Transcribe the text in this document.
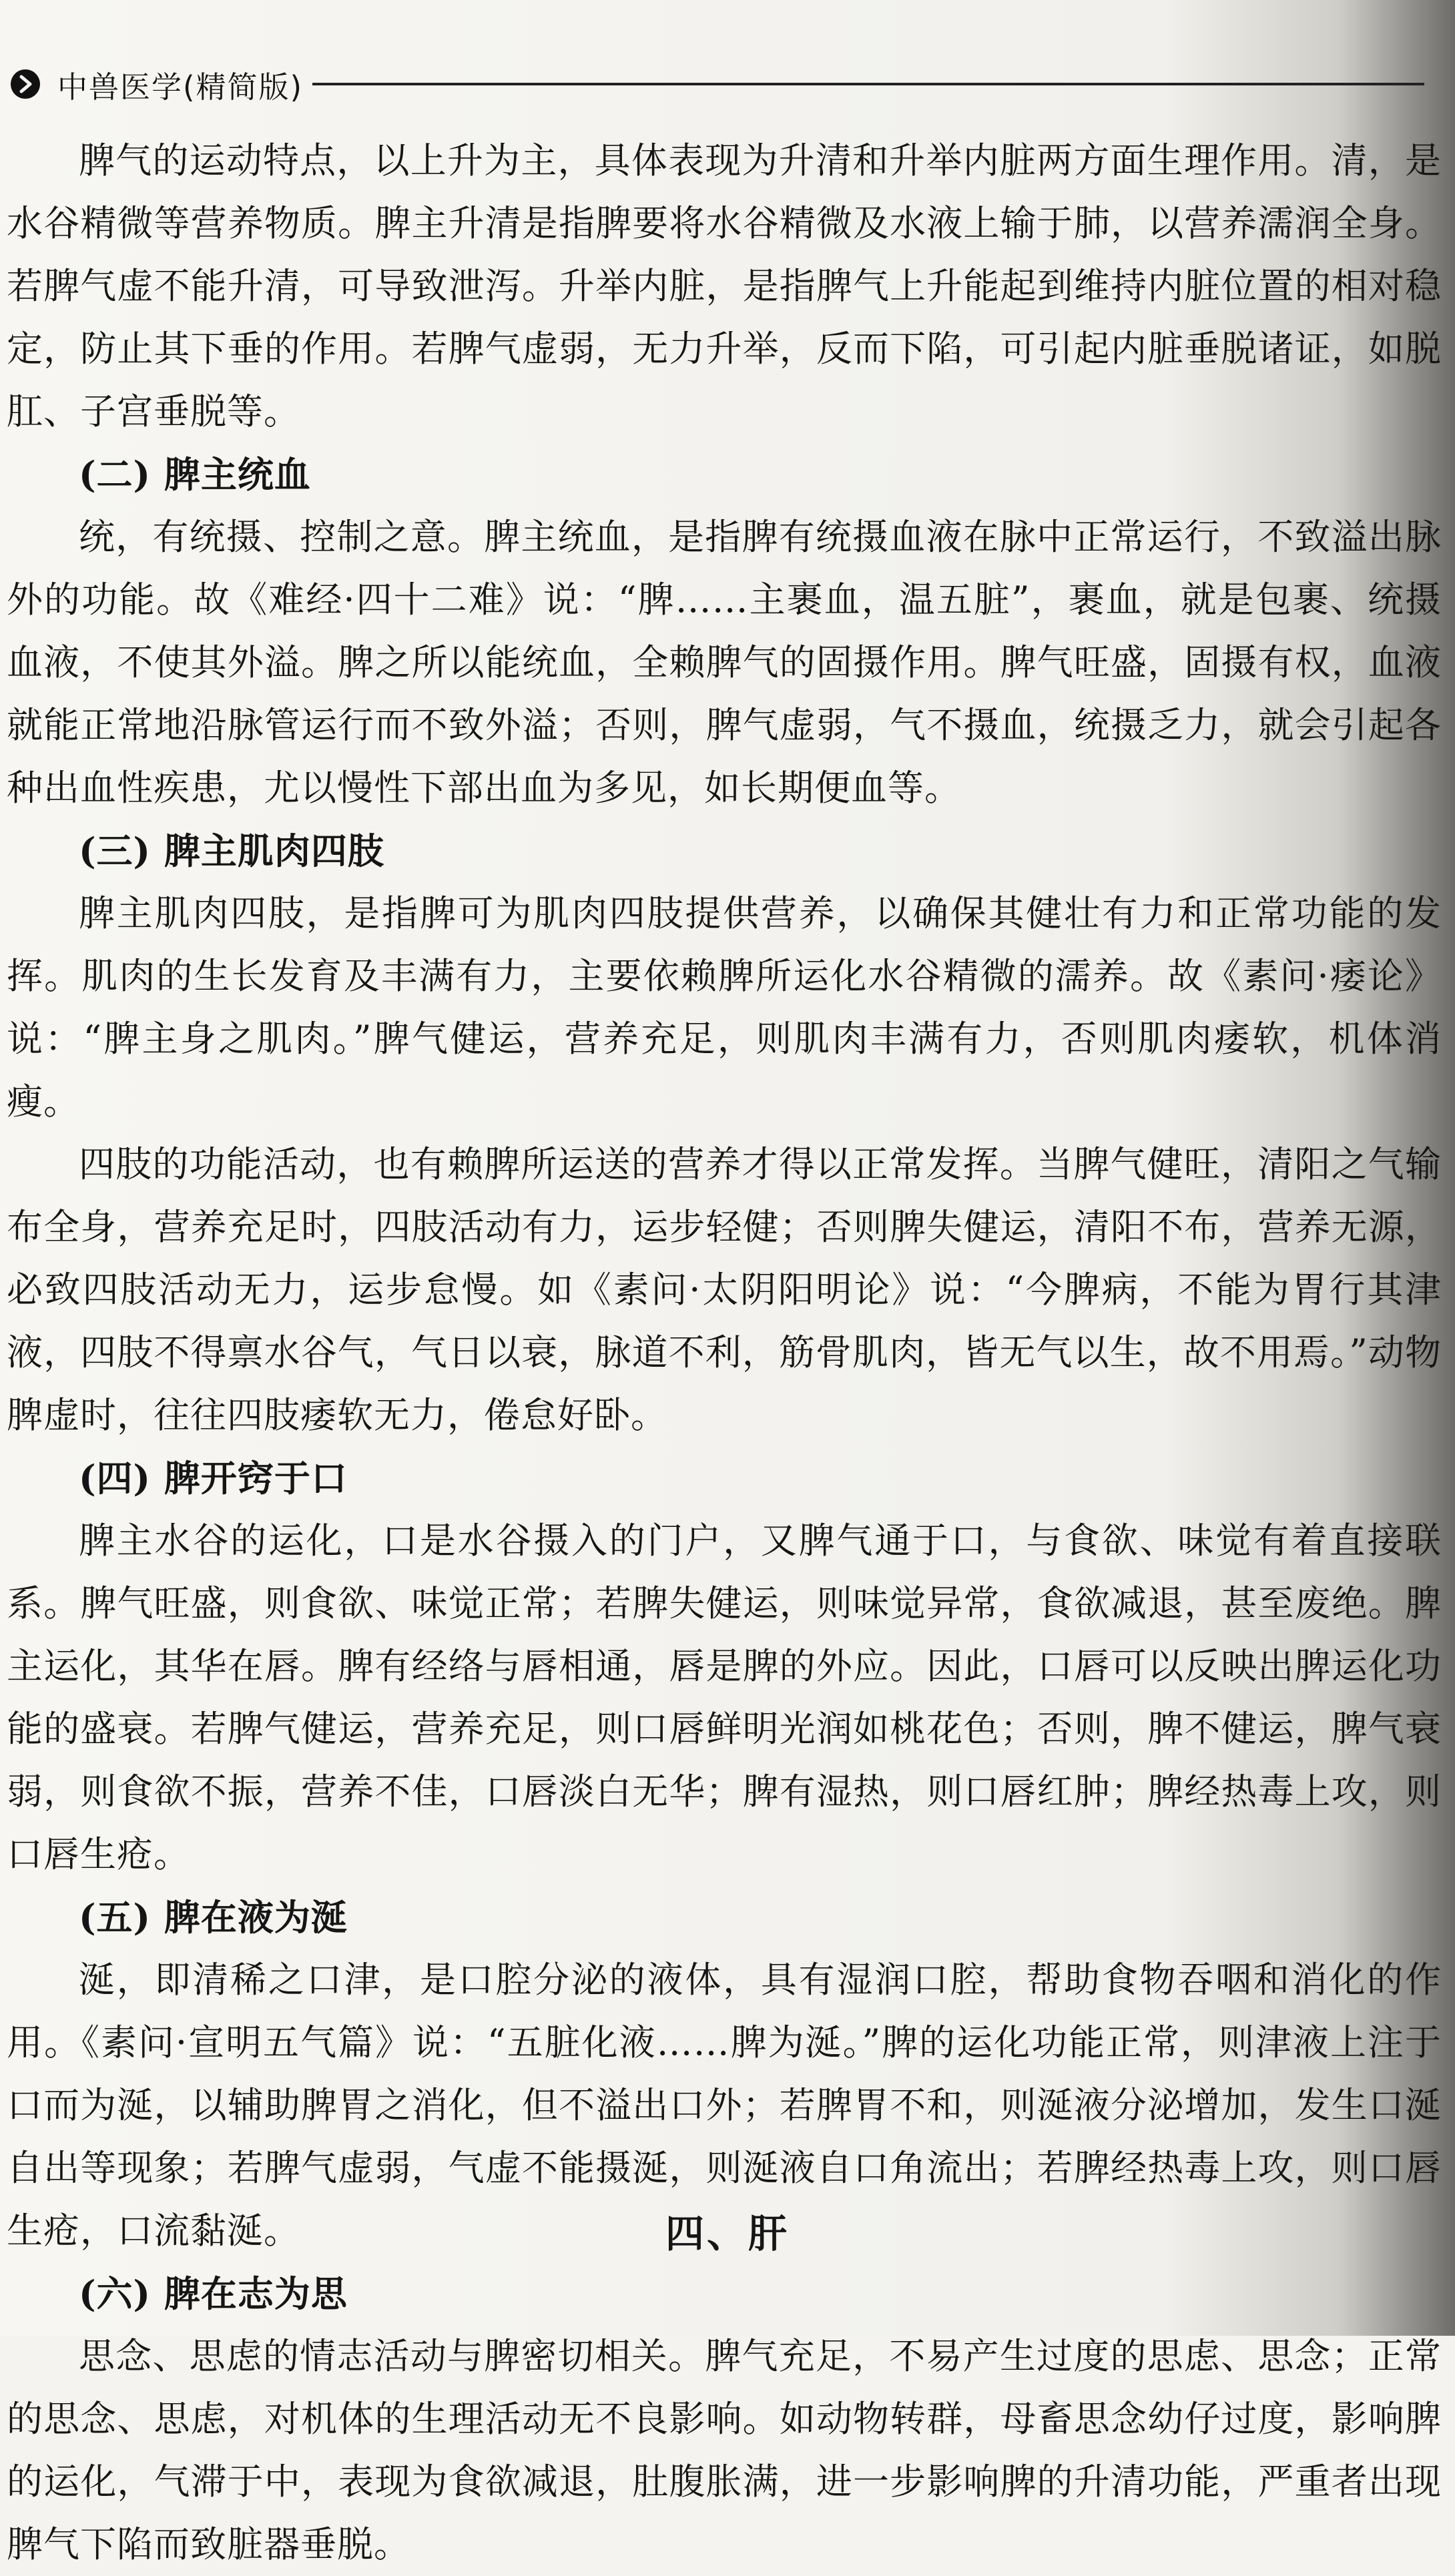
中兽医学(精简版)

脾气的运动特点，以上升为主，具体表现为升清和升举内脏两方面生理作用。清，是水谷精微等营养物质。脾主升清是指脾要将水谷精微及水液上输于肺，以营养濡润全身。若脾气虚不能升清，可导致泄泻。升举内脏，是指脾气上升能起到维持内脏位置的相对稳定，防止其下垂的作用。若脾气虚弱，无力升举，反而下陷，可引起内脏垂脱诸证，如脱肛、子宫垂脱等。

(二) 脾主统血

统，有统摄、控制之意。脾主统血，是指脾有统摄血液在脉中正常运行，不致溢出脉外的功能。故《难经·四十二难》说：“脾……主裹血，温五脏”，裹血，就是包裹、统摄血液，不使其外溢。脾之所以能统血，全赖脾气的固摄作用。脾气旺盛，固摄有权，血液就能正常地沿脉管运行而不致外溢；否则，脾气虚弱，气不摄血，统摄乏力，就会引起各种出血性疾患，尤以慢性下部出血为多见，如长期便血等。

(三) 脾主肌肉四肢

脾主肌肉四肢，是指脾可为肌肉四肢提供营养，以确保其健壮有力和正常功能的发挥。肌肉的生长发育及丰满有力，主要依赖脾所运化水谷精微的濡养。故《素问·痿论》说：“脾主身之肌肉。”脾气健运，营养充足，则肌肉丰满有力，否则肌肉痿软，机体消瘦。

四肢的功能活动，也有赖脾所运送的营养才得以正常发挥。当脾气健旺，清阳之气输布全身，营养充足时，四肢活动有力，运步轻健；否则脾失健运，清阳不布，营养无源，必致四肢活动无力，运步怠慢。如《素问·太阴阳明论》说：“今脾病，不能为胃行其津液，四肢不得禀水谷气，气日以衰，脉道不利，筋骨肌肉，皆无气以生，故不用焉。”动物脾虚时，往往四肢痿软无力，倦怠好卧。

(四) 脾开窍于口

脾主水谷的运化，口是水谷摄入的门户，又脾气通于口，与食欲、味觉有着直接联系。脾气旺盛，则食欲、味觉正常；若脾失健运，则味觉异常，食欲减退，甚至废绝。脾主运化，其华在唇。脾有经络与唇相通，唇是脾的外应。因此，口唇可以反映出脾运化功能的盛衰。若脾气健运，营养充足，则口唇鲜明光润如桃花色；否则，脾不健运，脾气衰弱，则食欲不振，营养不佳，口唇淡白无华；脾有湿热，则口唇红肿；脾经热毒上攻，则口唇生疮。

(五) 脾在液为涎

涎，即清稀之口津，是口腔分泌的液体，具有湿润口腔，帮助食物吞咽和消化的作用。《素问·宣明五气篇》说：“五脏化液……脾为涎。”脾的运化功能正常，则津液上注于口而为涎，以辅助脾胃之消化，但不溢出口外；若脾胃不和，则涎液分泌增加，发生口涎自出等现象；若脾气虚弱，气虚不能摄涎，则涎液自口角流出；若脾经热毒上攻，则口唇生疮，口流黏涎。

(六) 脾在志为思

思念、思虑的情志活动与脾密切相关。脾气充足，不易产生过度的思虑、思念；正常的思念、思虑，对机体的生理活动无不良影响。如动物转群，母畜思念幼仔过度，影响脾的运化，气滞于中，表现为食欲减退，肚腹胀满，进一步影响脾的升清功能，严重者出现脾气下陷而致脏器垂脱。

四、肝
